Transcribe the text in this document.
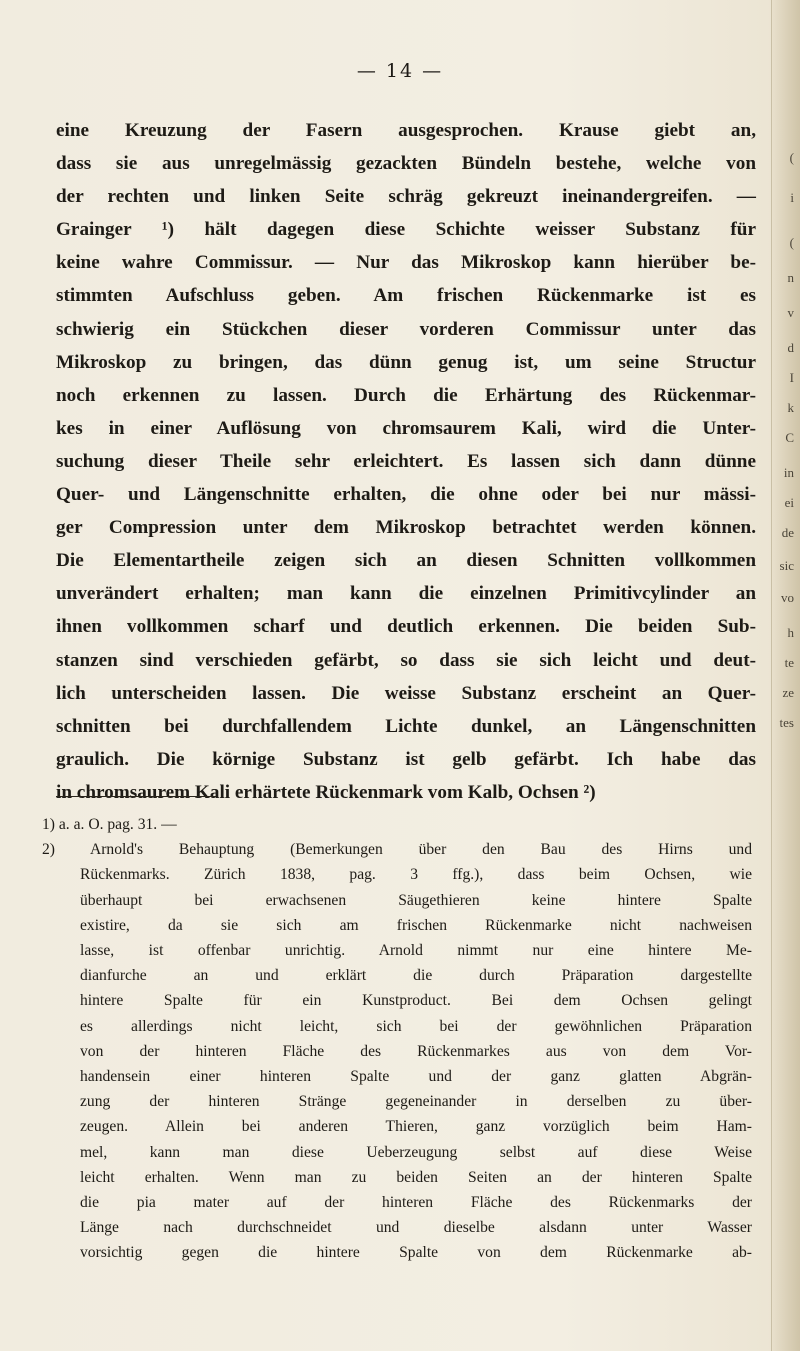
— 14 —
eine Kreuzung der Fasern ausgesprochen. Krause giebt an,
dass sie aus unregelmässig gezackten Bündeln bestehe, welche von
der rechten und linken Seite schräg gekreuzt ineinandergreifen. —
Grainger ¹) hält dagegen diese Schichte weisser Substanz für
keine wahre Commissur. — Nur das Mikroskop kann hierüber be-
stimmten Aufschluss geben. Am frischen Rückenmarke ist es
schwierig ein Stückchen dieser vorderen Commissur unter das
Mikroskop zu bringen, das dünn genug ist, um seine Structur
noch erkennen zu lassen. Durch die Erhärtung des Rückenmar-
kes in einer Auflösung von chromsaurem Kali, wird die Unter-
suchung dieser Theile sehr erleichtert. Es lassen sich dann dünne
Quer- und Längenschnitte erhalten, die ohne oder bei nur mässi-
ger Compression unter dem Mikroskop betrachtet werden können.
Die Elementartheile zeigen sich an diesen Schnitten vollkommen
unverändert erhalten; man kann die einzelnen Primitivcylinder an
ihnen vollkommen scharf und deutlich erkennen. Die beiden Sub-
stanzen sind verschieden gefärbt, so dass sie sich leicht und deut-
lich unterscheiden lassen. Die weisse Substanz erscheint an Quer-
schnitten bei durchfallendem Lichte dunkel, an Längenschnitten
graulich. Die körnige Substanz ist gelb gefärbt. Ich habe das
in chromsaurem Kali erhärtete Rückenmark vom Kalb, Ochsen ²)
1) a. a. O. pag. 31. —
2) Arnold's Behauptung (Bemerkungen über den Bau des Hirns und
Rückenmarks. Zürich 1838, pag. 3 ffg.), dass beim Ochsen, wie
überhaupt bei erwachsenen Säugethieren keine hintere Spalte
existire, da sie sich am frischen Rückenmarke nicht nachweisen
lasse, ist offenbar unrichtig. Arnold nimmt nur eine hintere Me-
dianfurche an und erklärt die durch Präparation dargestellte
hintere Spalte für ein Kunstproduct. Bei dem Ochsen gelingt
es allerdings nicht leicht, sich bei der gewöhnlichen Präparation
von der hinteren Fläche des Rückenmarkes aus von dem Vor-
handensein einer hinteren Spalte und der ganz glatten Abgrän-
zung der hinteren Stränge gegeneinander in derselben zu über-
zeugen. Allein bei anderen Thieren, ganz vorzüglich beim Ham-
mel, kann man diese Ueberzeugung selbst auf diese Weise
leicht erhalten. Wenn man zu beiden Seiten an der hinteren Spalte
die pia mater auf der hinteren Fläche des Rückenmarks der
Länge nach durchschneidet und dieselbe alsdann unter Wasser
vorsichtig gegen die hintere Spalte von dem Rückenmarke ab-
(
i
(
n
v
d
I
k
C
in
ei
de
sic
vo
h
te
ze
tes
